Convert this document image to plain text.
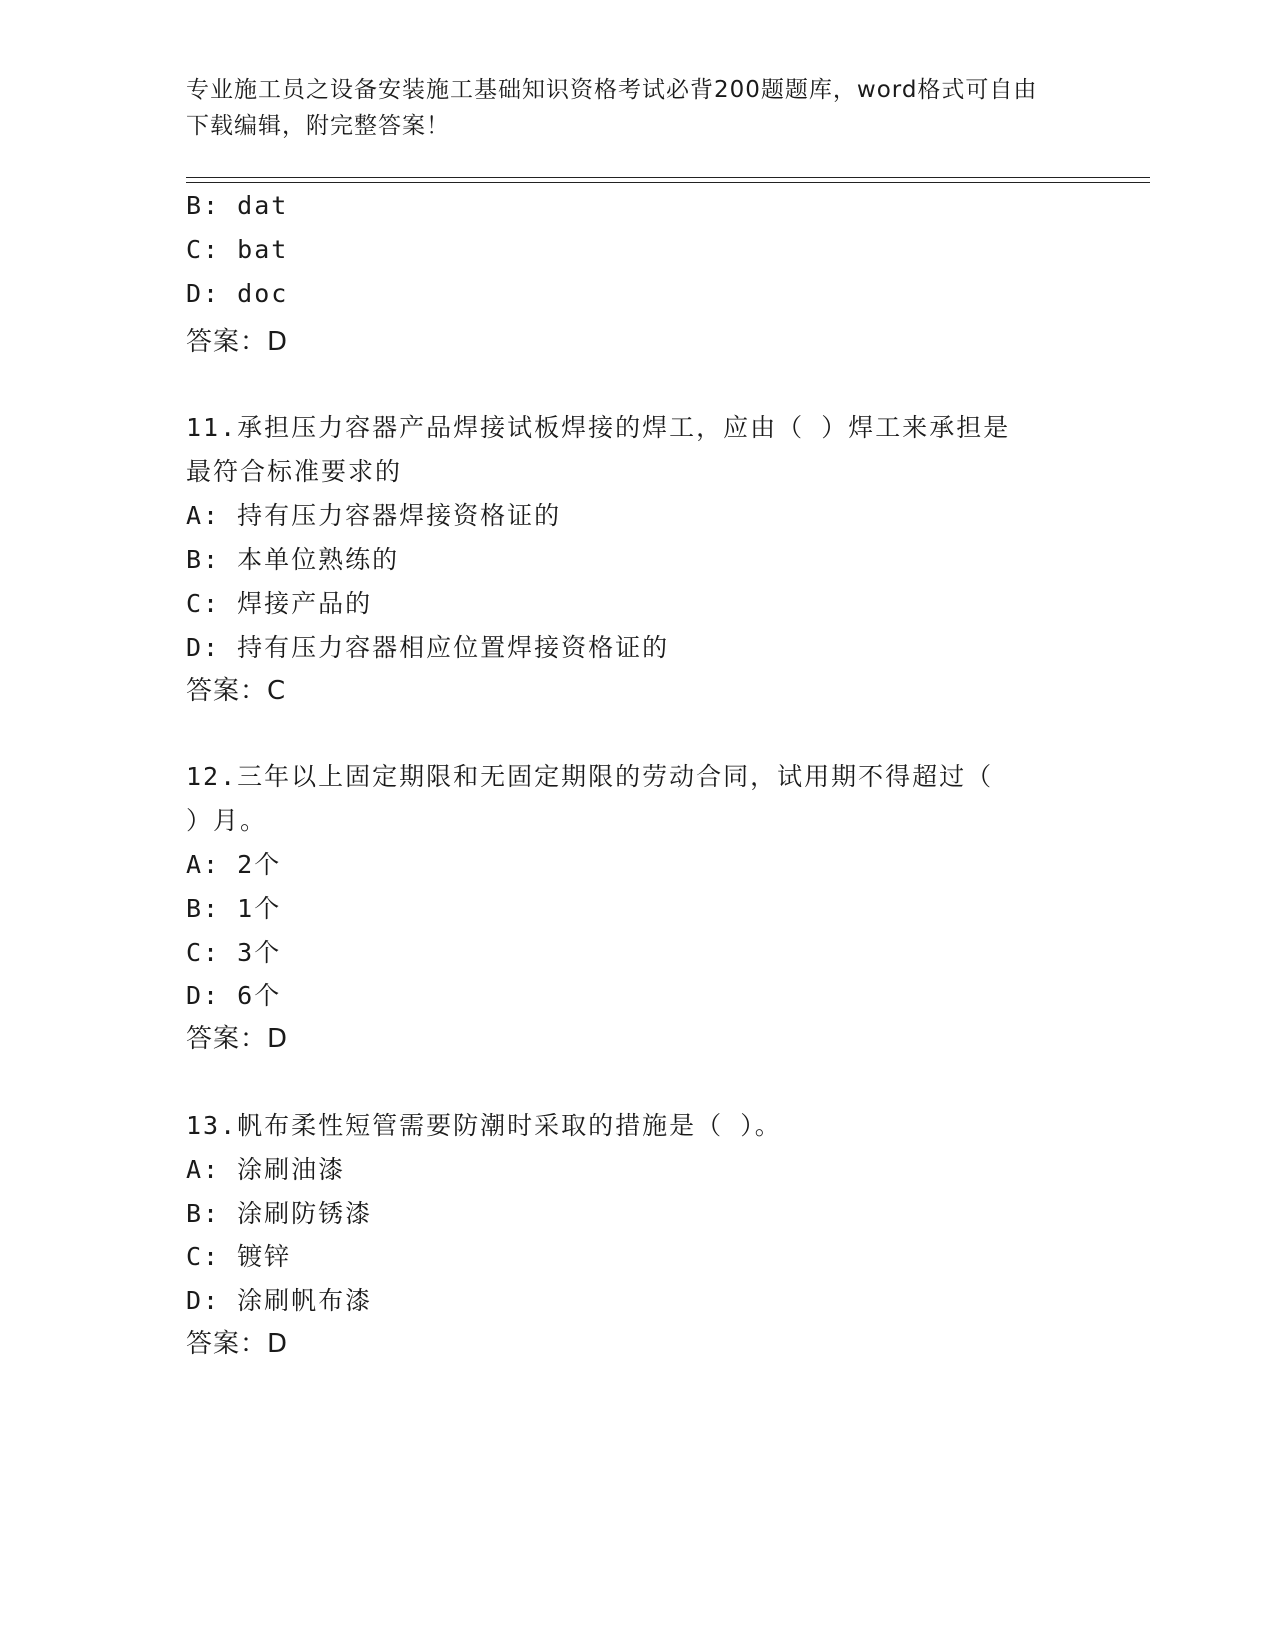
专业施工员之设备安装施工基础知识资格考试必背200题题库，word格式可自由
下载编辑，附完整答案！
B: dat
C: bat
D: doc
答案：D
11.承担压力容器产品焊接试板焊接的焊工，应由（ ）焊工来承担是
最符合标准要求的
A: 持有压力容器焊接资格证的
B: 本单位熟练的
C: 焊接产品的
D: 持有压力容器相应位置焊接资格证的
答案：C
12.三年以上固定期限和无固定期限的劳动合同，试用期不得超过（
）月。
A: 2个
B: 1个
C: 3个
D: 6个
答案：D
13.帆布柔性短管需要防潮时采取的措施是（ ）。
A: 涂刷油漆
B: 涂刷防锈漆
C: 镀锌
D: 涂刷帆布漆
答案：D
